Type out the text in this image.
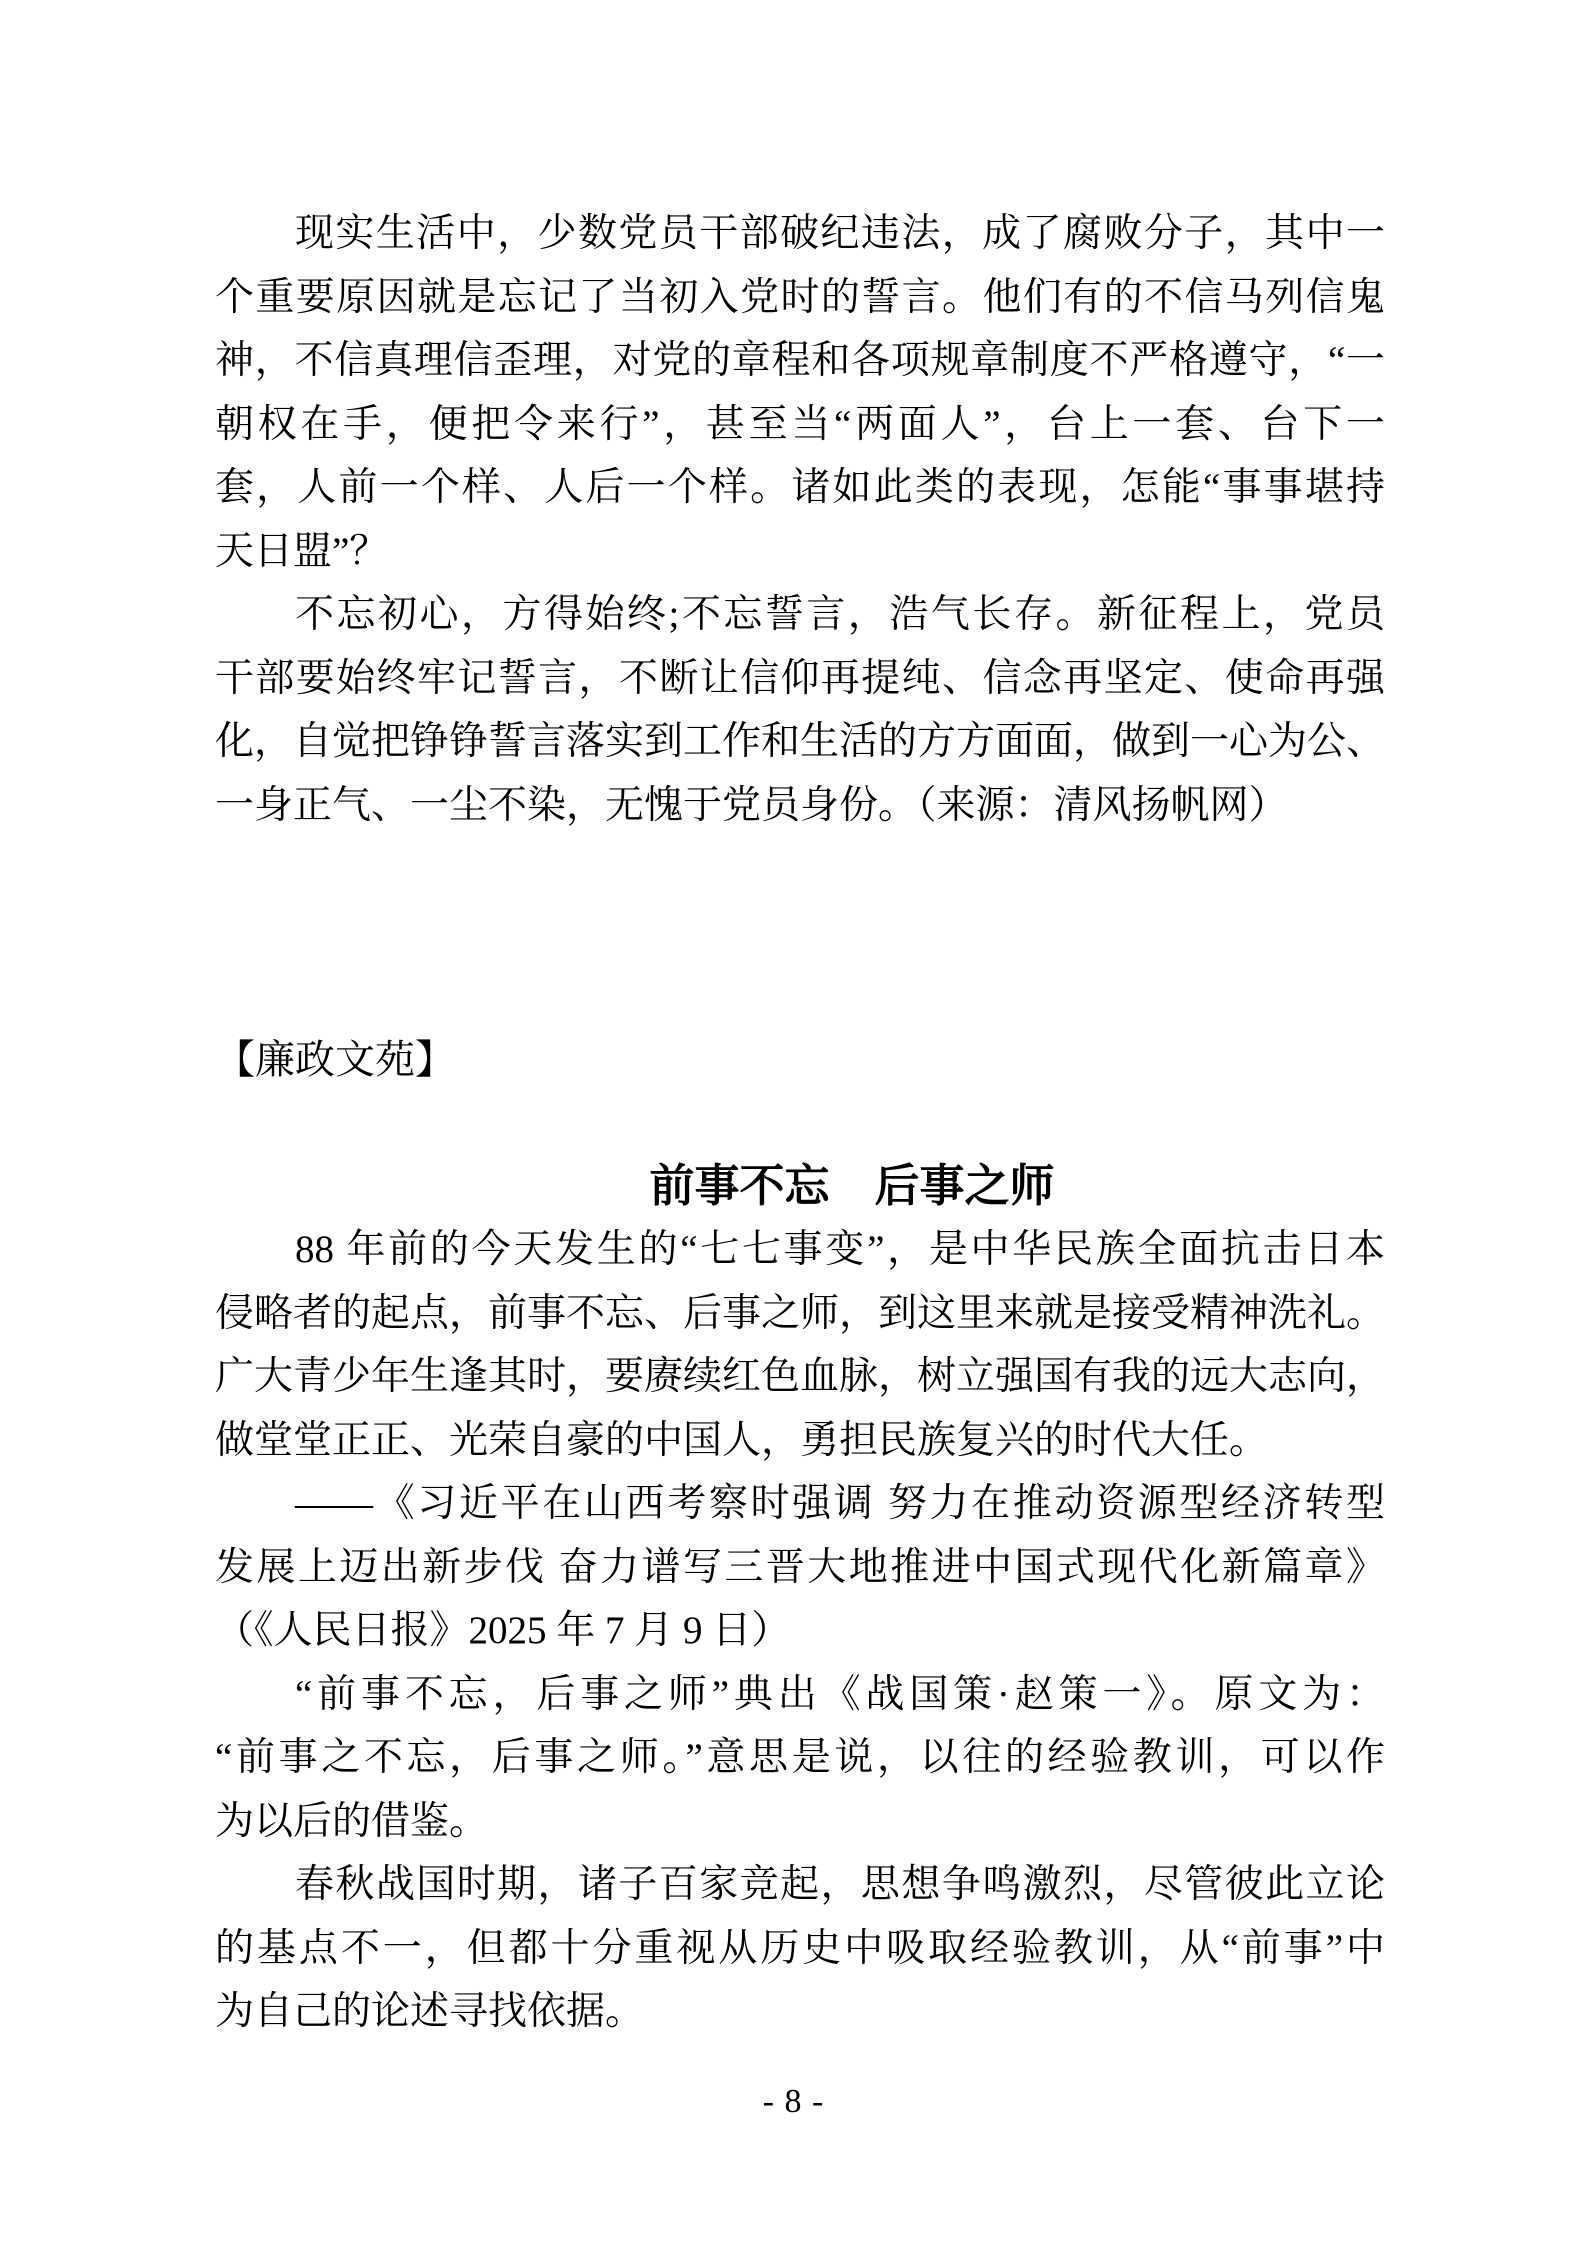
现实生活中，少数党员干部破纪违法，成了腐败分子，其中一
个重要原因就是忘记了当初入党时的誓言。他们有的不信马列信鬼
神，不信真理信歪理，对党的章程和各项规章制度不严格遵守，“一
朝权在手，便把令来行”，甚至当“两面人”，台上一套、台下一
套，人前一个样、人后一个样。诸如此类的表现，怎能“事事堪持
天日盟”？
不忘初心，方得始终;不忘誓言，浩气长存。新征程上，党员
干部要始终牢记誓言，不断让信仰再提纯、信念再坚定、使命再强
化，自觉把铮铮誓言落实到工作和生活的方方面面，做到一心为公、
一身正气、一尘不染，无愧于党员身份。（来源：清风扬帆网）
【廉政文苑】
前事不忘　后事之师
88 年前的今天发生的“七七事变”，是中华民族全面抗击日本
侵略者的起点，前事不忘、后事之师，到这里来就是接受精神洗礼。
广大青少年生逢其时，要赓续红色血脉，树立强国有我的远大志向，
做堂堂正正、光荣自豪的中国人，勇担民族复兴的时代大任。
——《习近平在山西考察时强调 努力在推动资源型经济转型
发展上迈出新步伐 奋力谱写三晋大地推进中国式现代化新篇章》
（《人民日报》2025 年 7 月 9 日）
“前事不忘，后事之师”典出《战国策·赵策一》。原文为：
“前事之不忘，后事之师。”意思是说，以往的经验教训，可以作
为以后的借鉴。
春秋战国时期，诸子百家竞起，思想争鸣激烈，尽管彼此立论
的基点不一，但都十分重视从历史中吸取经验教训，从“前事”中
为自己的论述寻找依据。
- 8 -
